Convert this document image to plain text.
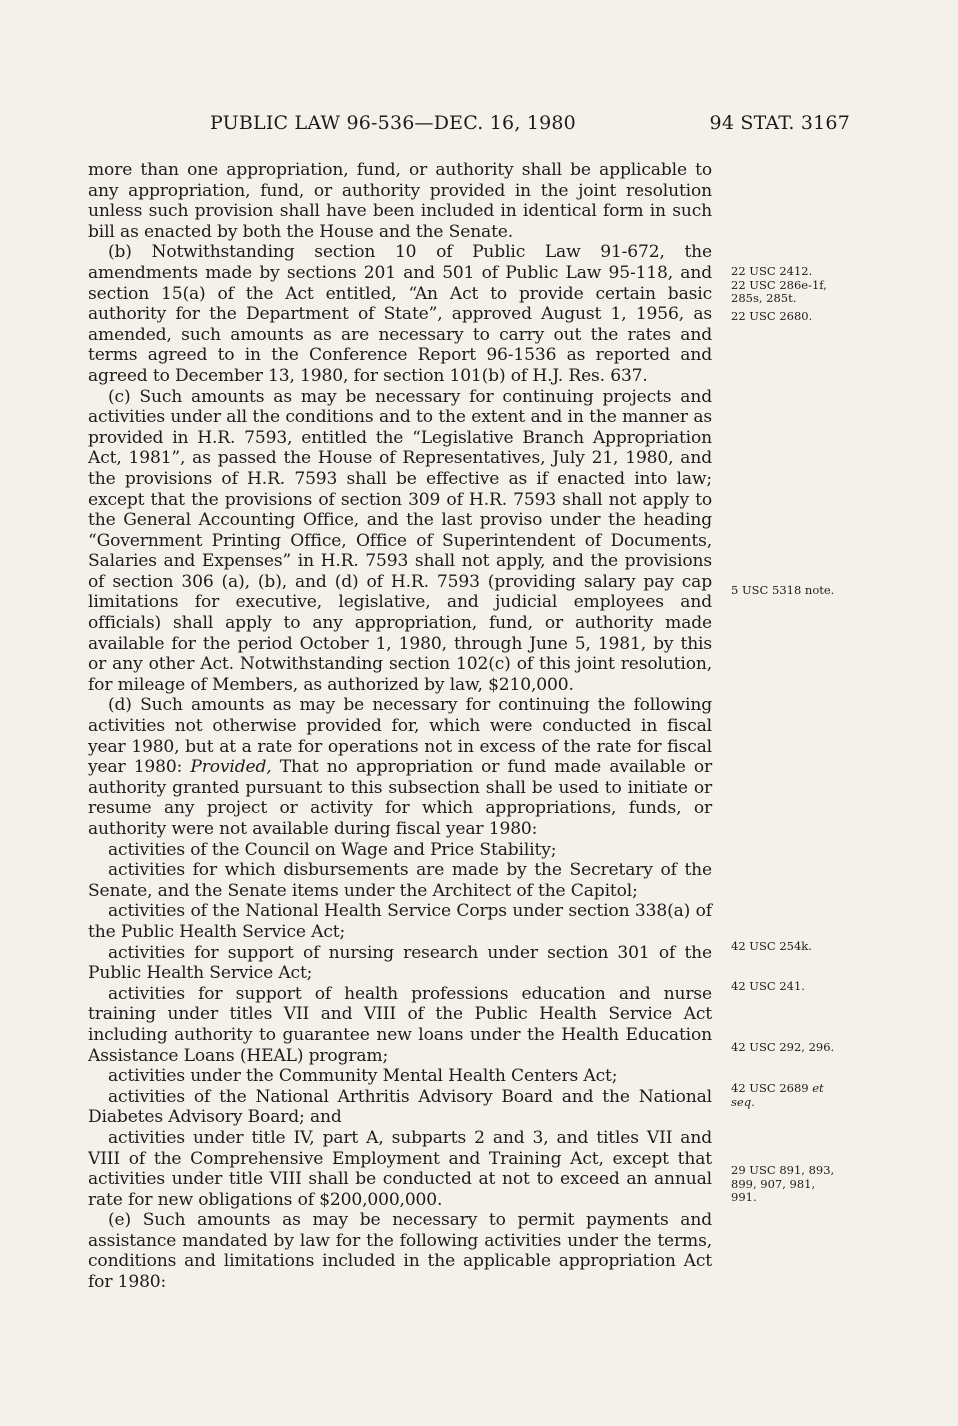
PUBLIC LAW 96-536—DEC. 16, 1980	94 STAT. 3167

more than one appropriation, fund, or authority shall be applicable to any appropriation, fund, or authority provided in the joint resolution unless such provision shall have been included in identical form in such bill as enacted by both the House and the Senate.

(b) Notwithstanding section 10 of Public Law 91-672, the amendments made by sections 201 and 501 of Public Law 95-118, and section 15(a) of the Act entitled, “An Act to provide certain basic authority for the Department of State”, approved August 1, 1956, as amended, such amounts as are necessary to carry out the rates and terms agreed to in the Conference Report 96-1536 as reported and agreed to December 13, 1980, for section 101(b) of H.J. Res. 637.

(c) Such amounts as may be necessary for continuing projects and activities under all the conditions and to the extent and in the manner as provided in H.R. 7593, entitled the “Legislative Branch Appropriation Act, 1981”, as passed the House of Representatives, July 21, 1980, and the provisions of H.R. 7593 shall be effective as if enacted into law; except that the provisions of section 309 of H.R. 7593 shall not apply to the General Accounting Office, and the last proviso under the heading “Government Printing Office, Office of Superintendent of Documents, Salaries and Expenses” in H.R. 7593 shall not apply, and the provisions of section 306 (a), (b), and (d) of H.R. 7593 (providing salary pay cap limitations for executive, legislative, and judicial employees and officials) shall apply to any appropriation, fund, or authority made available for the period October 1, 1980, through June 5, 1981, by this or any other Act. Notwithstanding section 102(c) of this joint resolution, for mileage of Members, as authorized by law, $210,000.

(d) Such amounts as may be necessary for continuing the following activities not otherwise provided for, which were conducted in fiscal year 1980, but at a rate for operations not in excess of the rate for fiscal year 1980: Provided, That no appropriation or fund made available or authority granted pursuant to this subsection shall be used to initiate or resume any project or activity for which appropriations, funds, or authority were not available during fiscal year 1980:

activities of the Council on Wage and Price Stability;

activities for which disbursements are made by the Secretary of the Senate, and the Senate items under the Architect of the Capitol;

activities of the National Health Service Corps under section 338(a) of the Public Health Service Act;

activities for support of nursing research under section 301 of the Public Health Service Act;

activities for support of health professions education and nurse training under titles VII and VIII of the Public Health Service Act including authority to guarantee new loans under the Health Education Assistance Loans (HEAL) program;

activities under the Community Mental Health Centers Act;

activities of the National Arthritis Advisory Board and the National Diabetes Advisory Board; and

activities under title IV, part A, subparts 2 and 3, and titles VII and VIII of the Comprehensive Employment and Training Act, except that activities under title VIII shall be conducted at not to exceed an annual rate for new obligations of $200,000,000.

(e) Such amounts as may be necessary to permit payments and assistance mandated by law for the following activities under the terms, conditions and limitations included in the applicable appropriation Act for 1980:

22 USC 2412.
22 USC 286e-1f,
285s, 285t.
22 USC 2680.
5 USC 5318 note.
42 USC 254k.
42 USC 241.
42 USC 292, 296.
42 USC 2689 et
seq.
29 USC 891, 893,
899, 907, 981,
991.
